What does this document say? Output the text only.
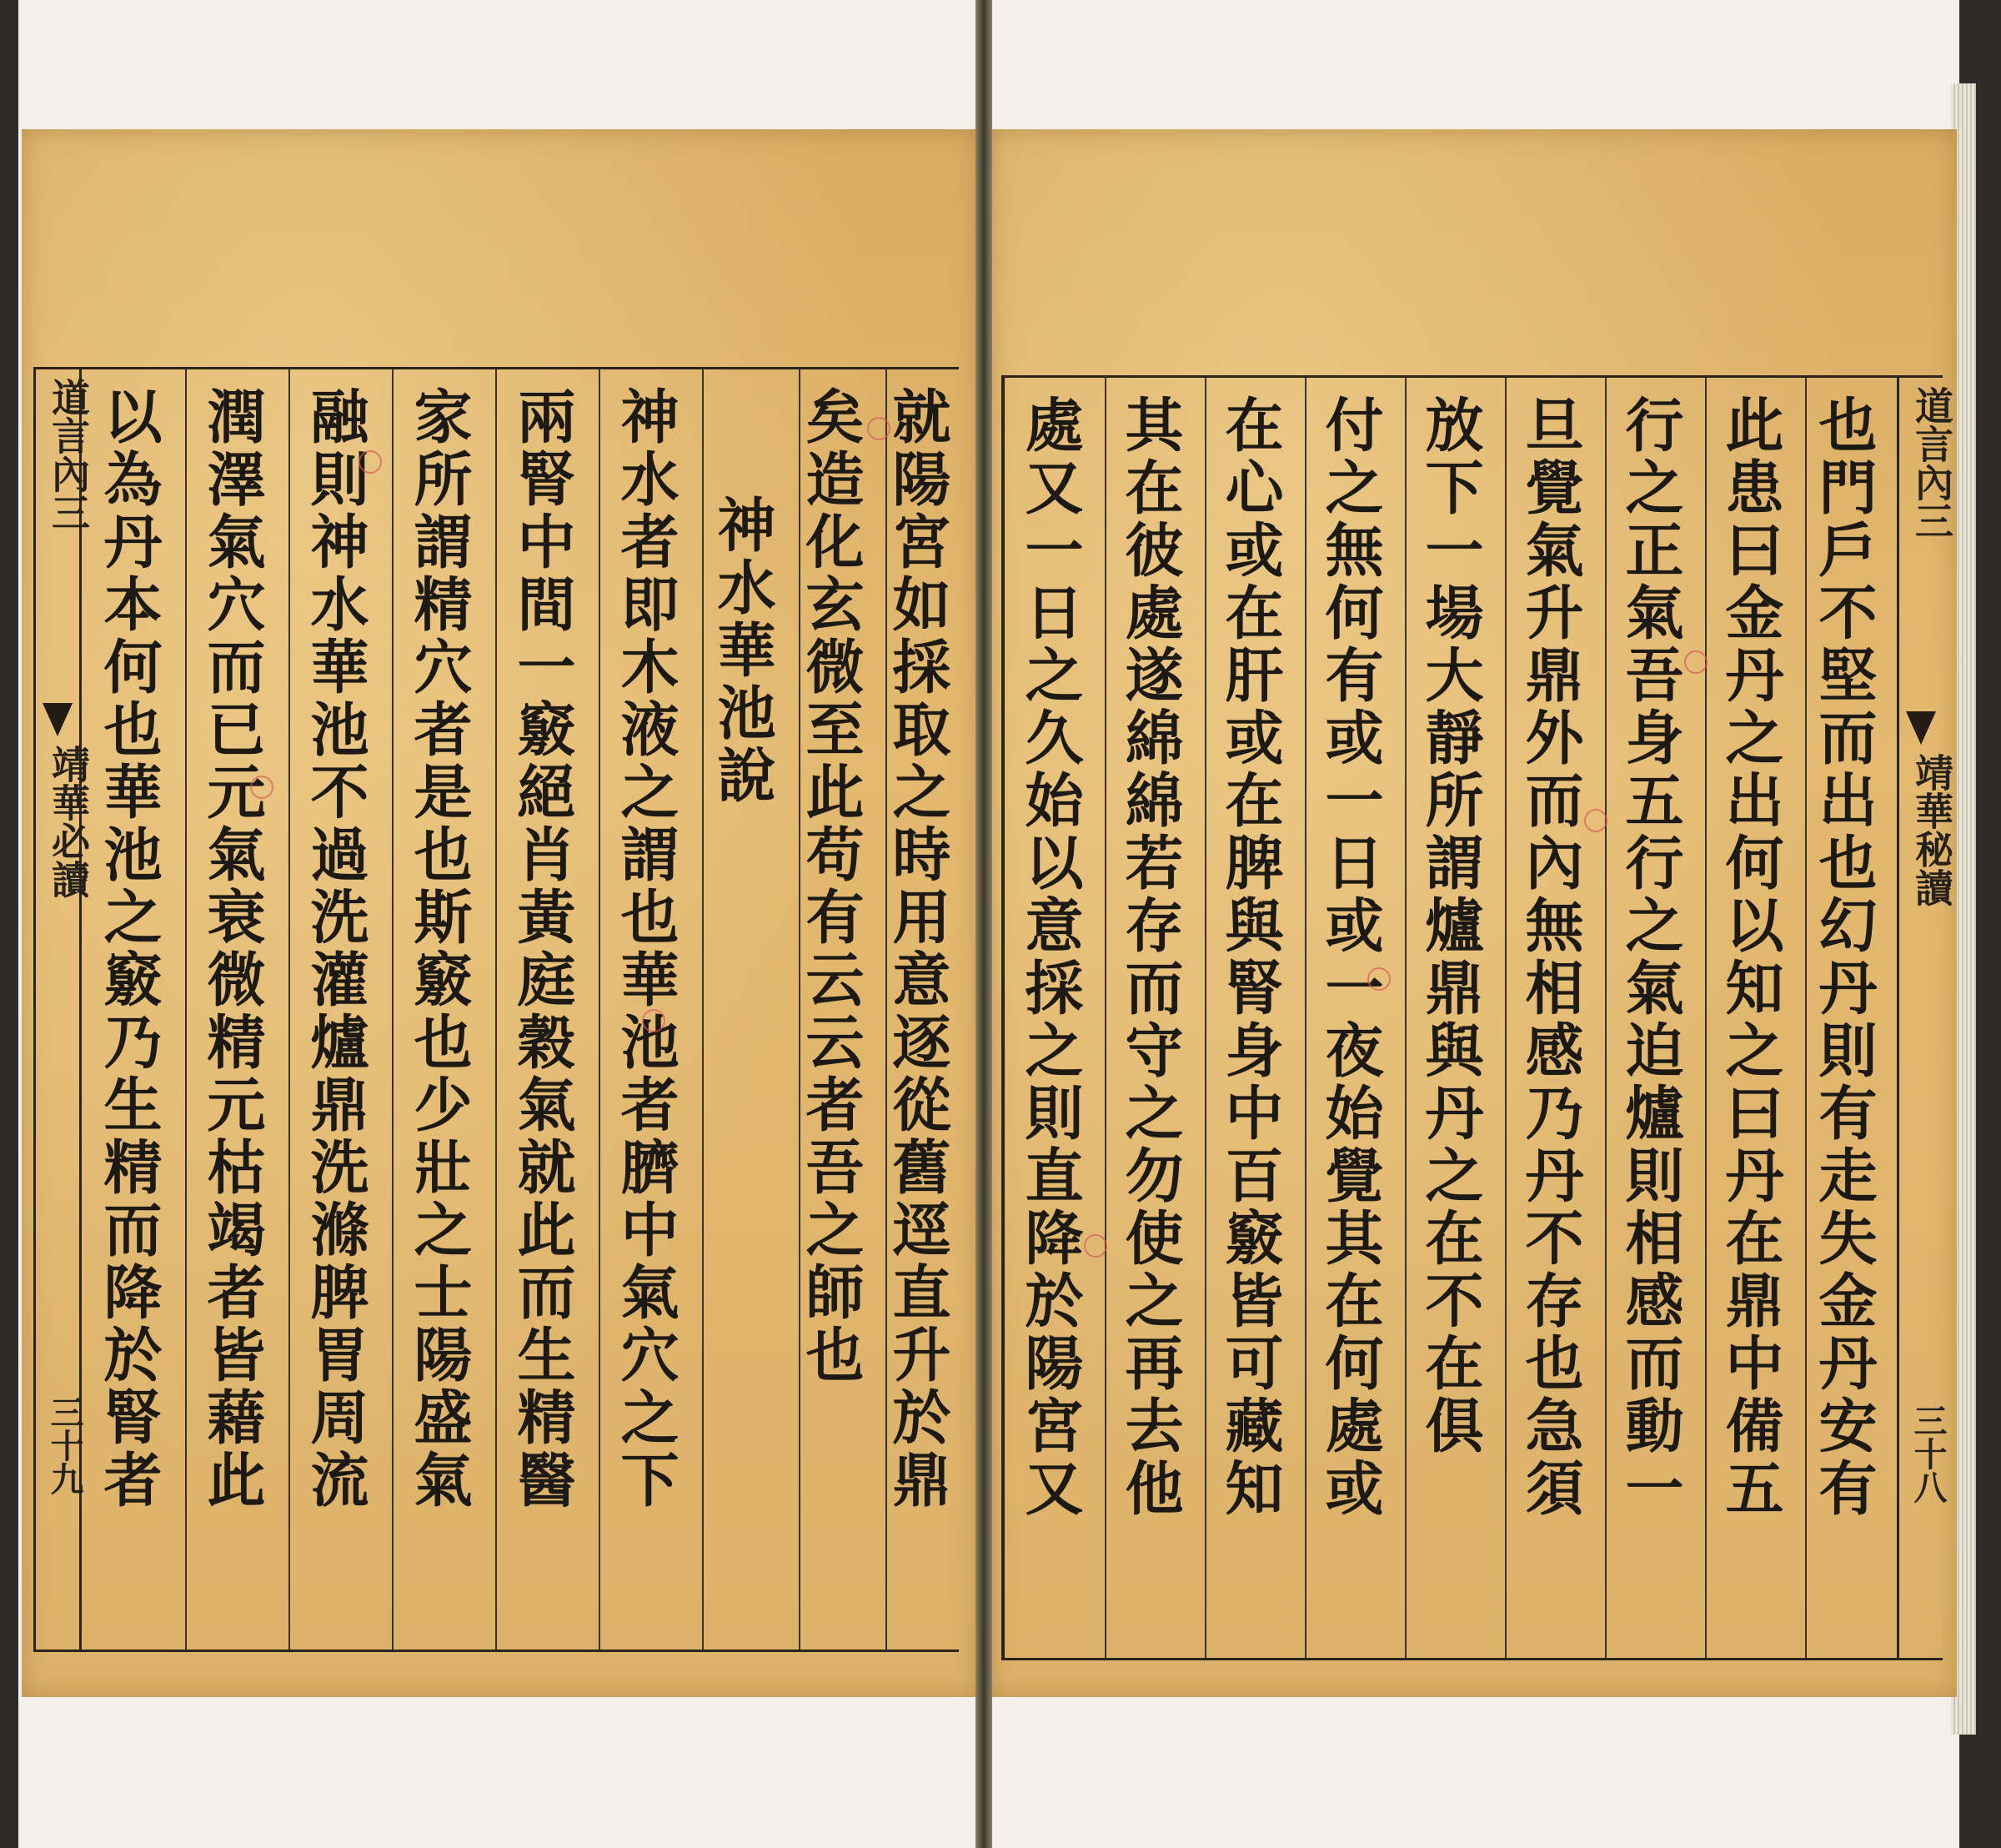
道言內三
靖華必讀
三十九 以為丹本何也華池之竅乃生精而降於腎者 潤澤氣穴而已元氣衰微精元枯竭者皆藉此 融則神水華池不過洗灌爐鼎洗滌脾胃周流 家所謂精穴者是也斯竅也少壯之士陽盛氣 兩腎中間一竅絕肖黃庭穀氣就此而生精醫 神水者即木液之謂也華池者臍中氣穴之下 神水華池說 矣造化玄微至此苟有云云者吾之師也 就陽宮如採取之時用意逐從舊逕直升於鼎 處又一日之久始以意採之則直降於陽宮又 其在彼處遂綿綿若存而守之勿使之再去他 在心或在肝或在脾與腎身中百竅皆可藏知 付之無何有或一日或一夜始覺其在何處或 放下一場大靜所謂爐鼎與丹之在不在俱 旦覺氣升鼎外而內無相感乃丹不存也急須 行之正氣吾身五行之氣迫爐則相感而動一 此患曰金丹之出何以知之曰丹在鼎中備五 也門戶不堅而出也幻丹則有走失金丹安有 道言內三
靖華秘讀
三十八
